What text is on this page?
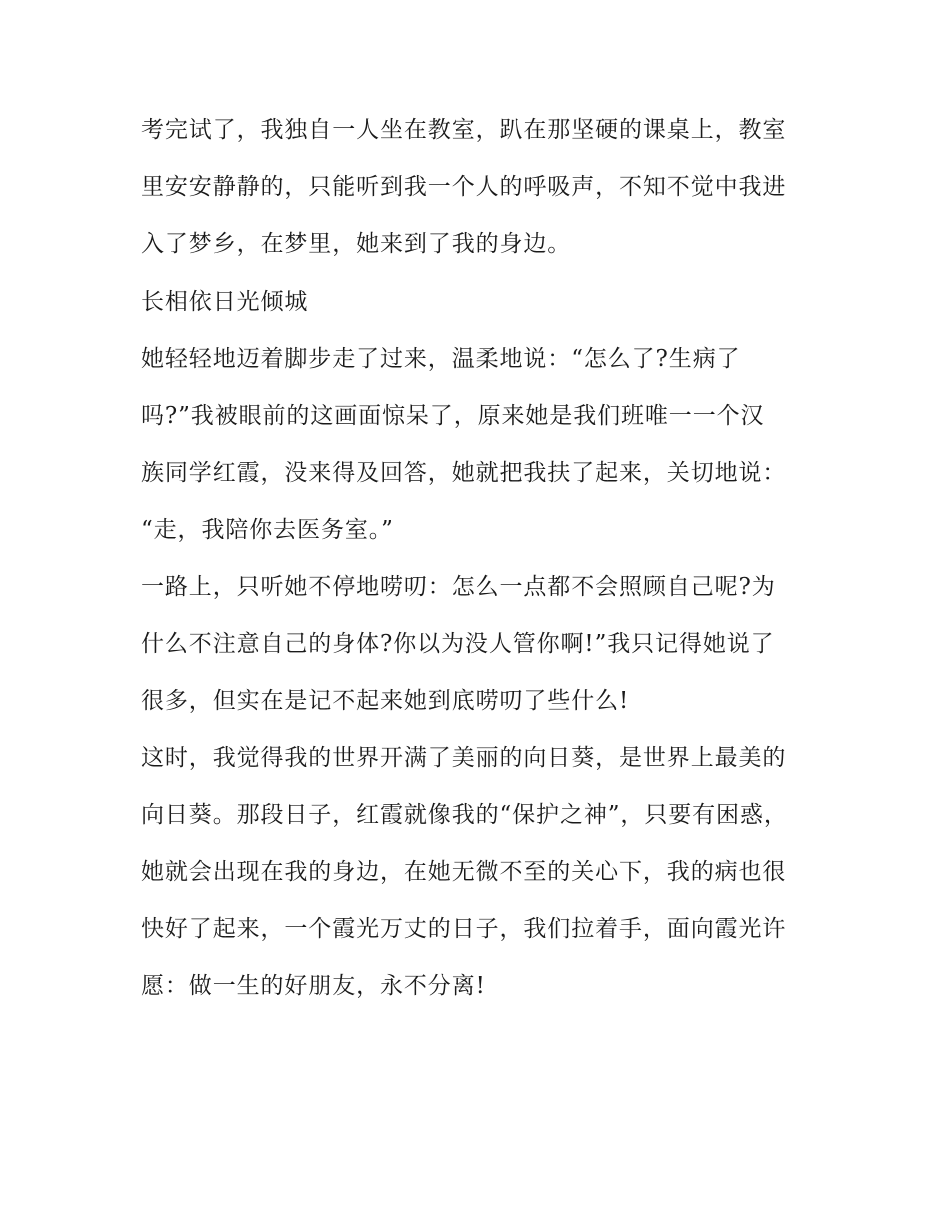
考完试了，我独自一人坐在教室，趴在那坚硬的课桌上，教室
里安安静静的，只能听到我一个人的呼吸声，不知不觉中我进
入了梦乡，在梦里，她来到了我的身边。
长相依日光倾城
她轻轻地迈着脚步走了过来，温柔地说：“怎么了?生病了
吗?”我被眼前的这画面惊呆了，原来她是我们班唯一一个汉
族同学红霞，没来得及回答，她就把我扶了起来，关切地说：
“走，我陪你去医务室。”
一路上，只听她不停地唠叨：怎么一点都不会照顾自己呢?为
什么不注意自己的身体?你以为没人管你啊!”我只记得她说了
很多，但实在是记不起来她到底唠叨了些什么!
这时，我觉得我的世界开满了美丽的向日葵，是世界上最美的
向日葵。那段日子，红霞就像我的“保护之神”，只要有困惑，
她就会出现在我的身边，在她无微不至的关心下，我的病也很
快好了起来，一个霞光万丈的日子，我们拉着手，面向霞光许
愿：做一生的好朋友，永不分离!
